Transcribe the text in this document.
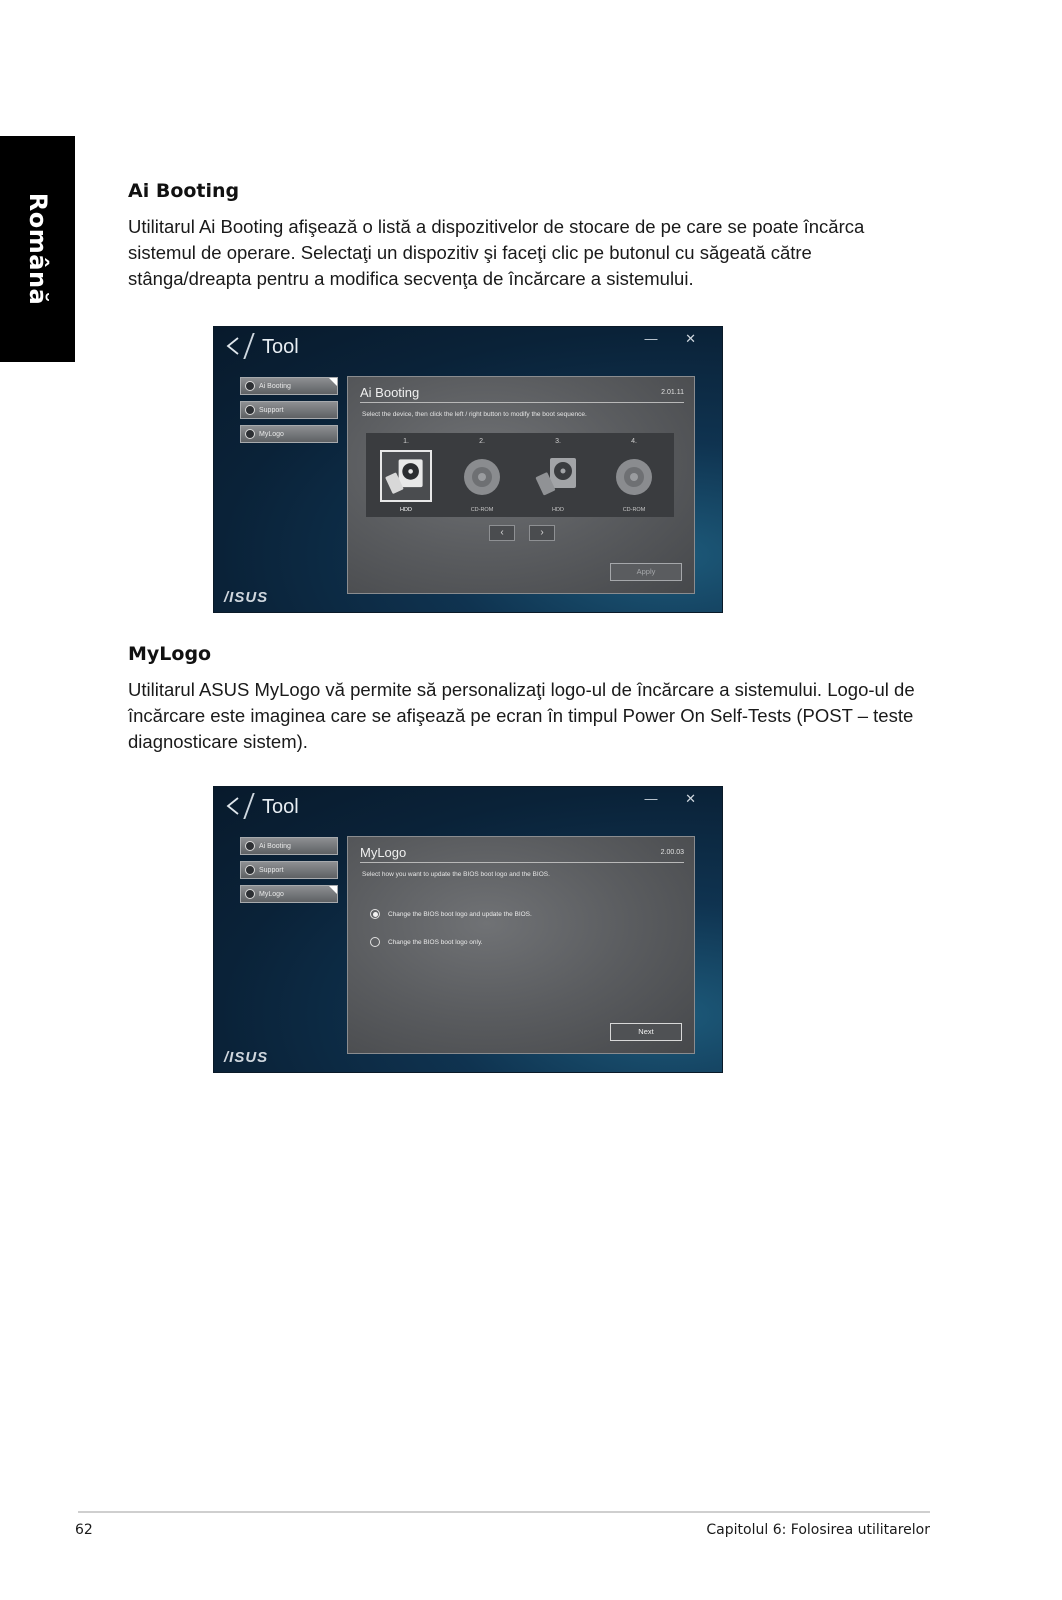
Română
Ai Booting

Utilitarul Ai Booting afişează o listă a dispozitivelor de stocare de pe care se poate încărca sistemul de operare. Selectaţi un dispozitiv şi faceţi clic pe butonul cu săgeată către stânga/dreapta pentru a modifica secvenţa de încărcare a sistemului.

Tool	— ✕
Ai Booting
Support
MyLogo
Ai Booting	2.01.11
Select the device, then click the left / right button to modify the boot sequence.
1.
HDD
2.
CD-ROM
3.
HDD
4.
CD-ROM
‹	›
Apply
/ISUS
MyLogo

Utilitarul ASUS MyLogo vă permite să personalizaţi logo-ul de încărcare a sistemului. Logo-ul de încărcare este imaginea care se afişează pe ecran în timpul Power On Self-Tests (POST – teste diagnosticare sistem).

Tool	— ✕
Ai Booting
Support
MyLogo
MyLogo	2.00.03
Select how you want to update the BIOS boot logo and the BIOS.
Change the BIOS boot logo and update the BIOS.
Change the BIOS boot logo only.
Next
/ISUS
62	Capitolul 6: Folosirea utilitarelor
